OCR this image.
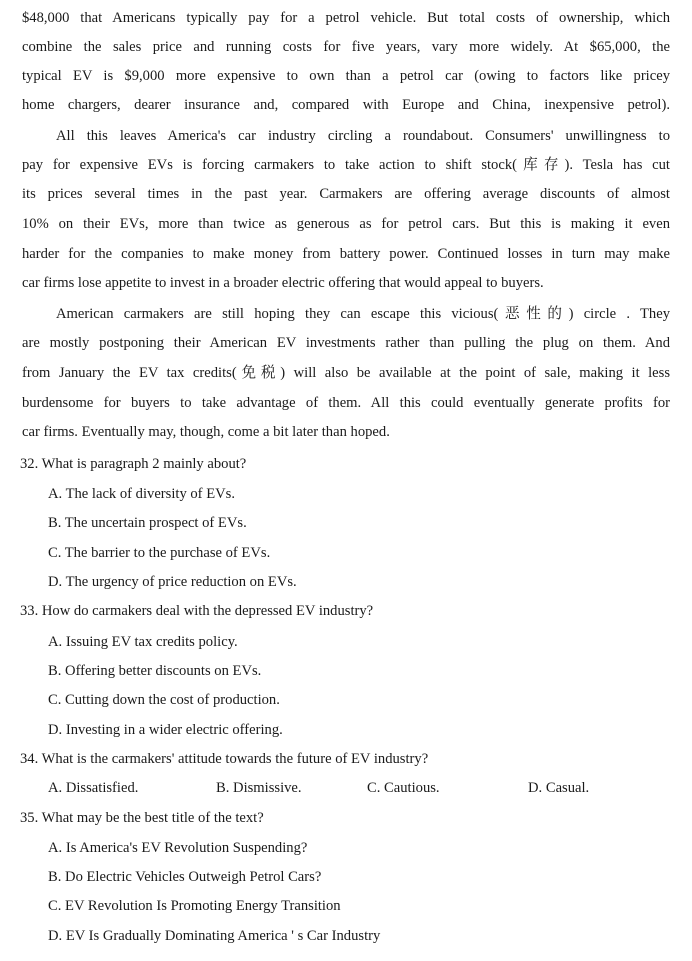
$48,000 that Americans typically pay for a petrol vehicle. But total costs of ownership, which
combine the sales price and running costs for five years, vary more widely. At $65,000, the
typical EV is $9,000 more expensive to own than a petrol car (owing to factors like pricey
home chargers, dearer insurance and, compared with Europe and China, inexpensive petrol).
All this leaves America's car industry circling a roundabout. Consumers' unwillingness to
pay for expensive EVs is forcing carmakers to take action to shift stock(库存). Tesla has cut
its prices several times in the past year. Carmakers are offering average discounts of almost
10% on their EVs, more than twice as generous as for petrol cars. But this is making it even
harder for the companies to make money from battery power. Continued losses in turn may make
car firms lose appetite to invest in a broader electric offering that would appeal to buyers.
American carmakers are still hoping they can escape this vicious(恶性的) circle . They
are mostly postponing their American EV investments rather than pulling the plug on them. And
from January the EV tax credits(免税) will also be available at the point of sale, making it less
burdensome for buyers to take advantage of them. All this could eventually generate profits for
car firms. Eventually may, though, come a bit later than hoped.
32. What is paragraph 2 mainly about?
A. The lack of diversity of EVs.
B. The uncertain prospect of EVs.
C. The barrier to the purchase of EVs.
D. The urgency of price reduction on EVs.
33. How do carmakers deal with the depressed EV industry?
A. Issuing EV tax credits policy.
B. Offering better discounts on EVs.
C. Cutting down the cost of production.
D. Investing in a wider electric offering.
34. What is the carmakers' attitude towards the future of EV industry?
A. Dissatisfied.	B. Dismissive.	C. Cautious.	D. Casual.
35. What may be the best title of the text?
A. Is America's EV Revolution Suspending?
B. Do Electric Vehicles Outweigh Petrol Cars?
C. EV Revolution Is Promoting Energy Transition
D. EV Is Gradually Dominating America ' s Car Industry
